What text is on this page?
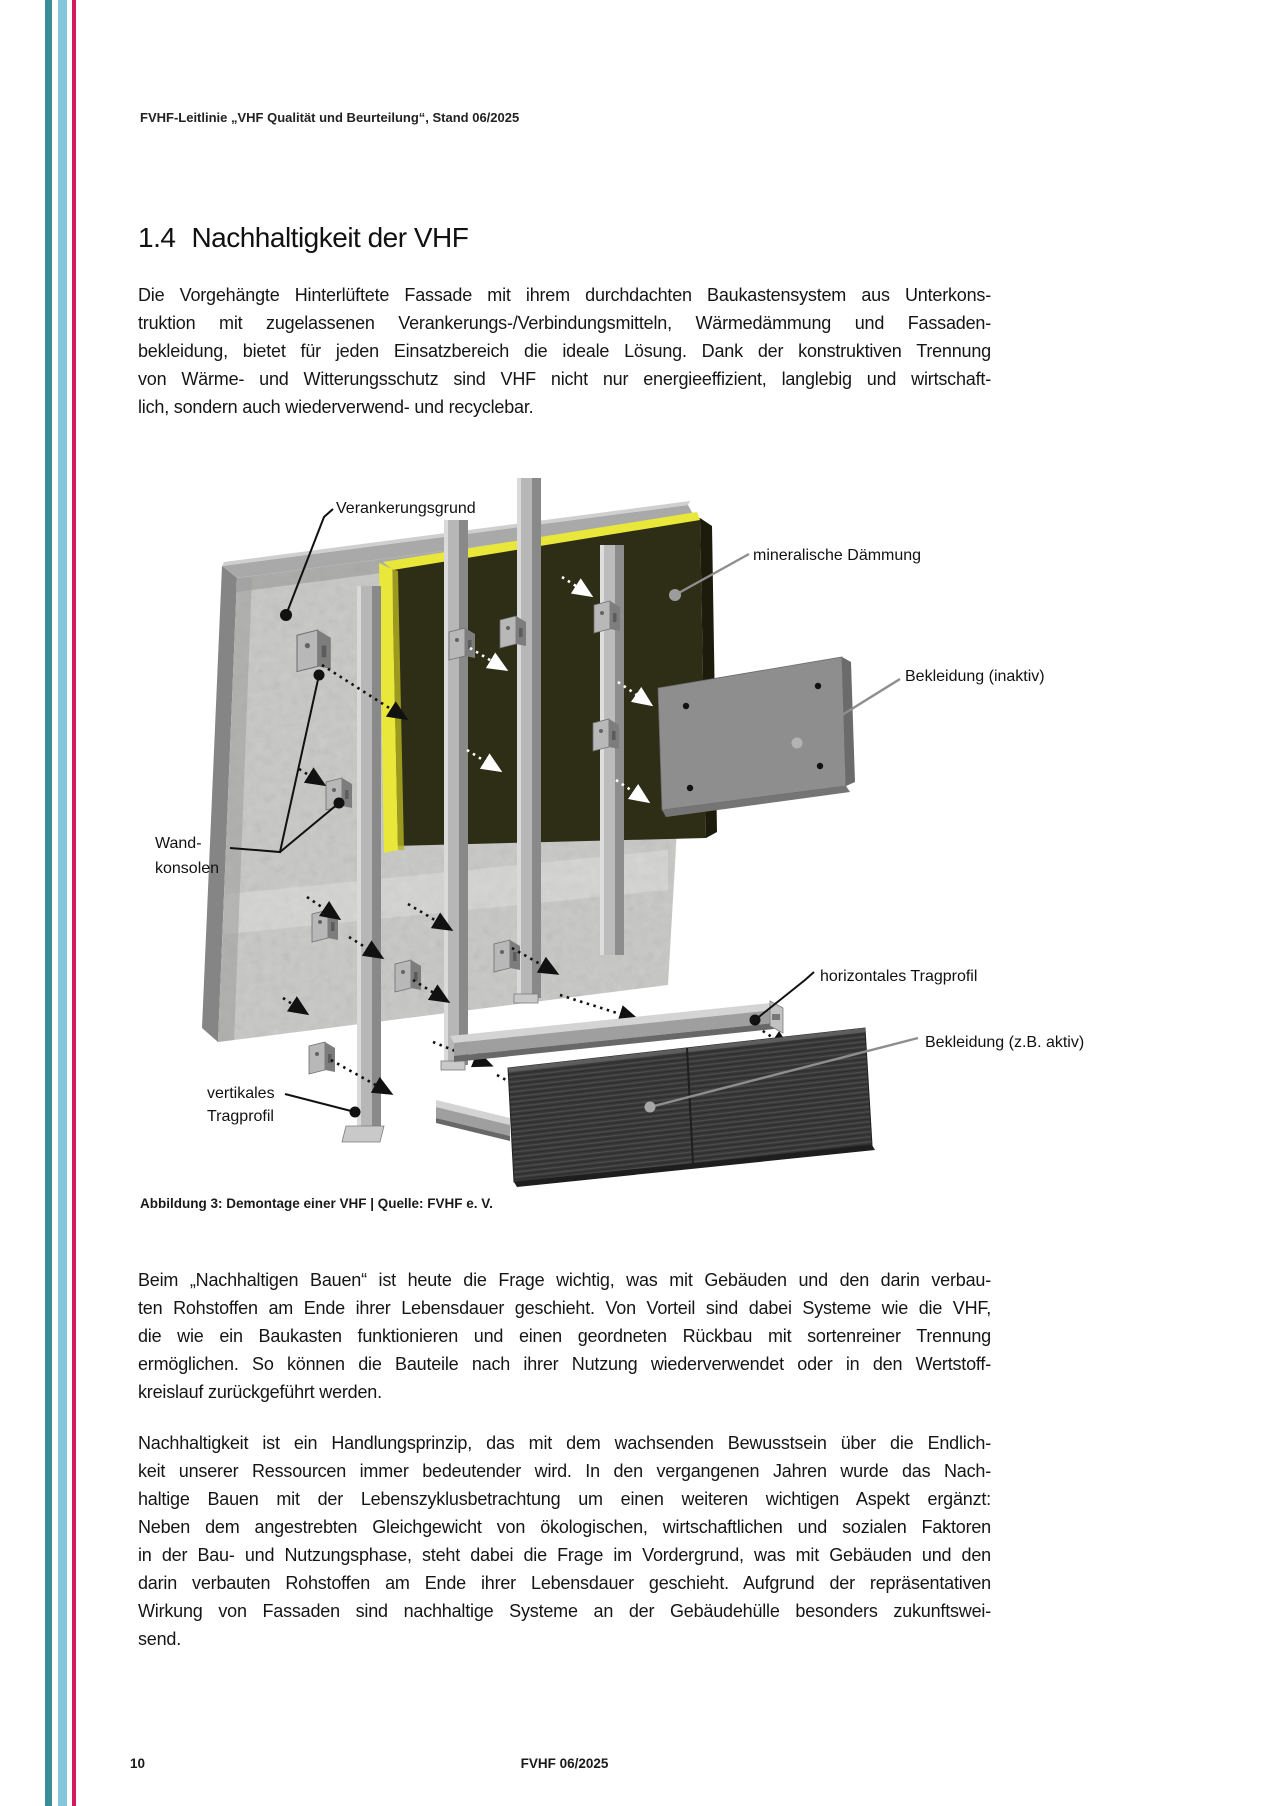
FVHF-Leitlinie „VHF Qualität und Beurteilung“, Stand 06/2025
1.4 Nachhaltigkeit der VHF
Die Vorgehängte Hinterlüftete Fassade mit ihrem durchdachten Baukastensystem aus Unterkons-
truktion mit zugelassenen Verankerungs-/Verbindungsmitteln, Wärmedämmung und Fassaden-
bekleidung, bietet für jeden Einsatzbereich die ideale Lösung. Dank der konstruktiven Trennung
von Wärme- und Witterungsschutz sind VHF nicht nur energieeffizient, langlebig und wirtschaft-
lich, sondern auch wiederverwend- und recyclebar.
Verankerungsgrund
mineralische Dämmung
Bekleidung (inaktiv)
Wand-
konsolen
horizontales Tragprofil
Bekleidung (z.B. aktiv)
vertikales
Tragprofil
Abbildung 3: Demontage einer VHF | Quelle: FVHF e. V.
Beim „Nachhaltigen Bauen“ ist heute die Frage wichtig, was mit Gebäuden und den darin verbau-
ten Rohstoffen am Ende ihrer Lebensdauer geschieht. Von Vorteil sind dabei Systeme wie die VHF,
die wie ein Baukasten funktionieren und einen geordneten Rückbau mit sortenreiner Trennung
ermöglichen. So können die Bauteile nach ihrer Nutzung wiederverwendet oder in den Wertstoff-
kreislauf zurückgeführt werden.
Nachhaltigkeit ist ein Handlungsprinzip, das mit dem wachsenden Bewusstsein über die Endlich-
keit unserer Ressourcen immer bedeutender wird. In den vergangenen Jahren wurde das Nach-
haltige Bauen mit der Lebenszyklusbetrachtung um einen weiteren wichtigen Aspekt ergänzt:
Neben dem angestrebten Gleichgewicht von ökologischen, wirtschaftlichen und sozialen Faktoren
in der Bau- und Nutzungsphase, steht dabei die Frage im Vordergrund, was mit Gebäuden und den
darin verbauten Rohstoffen am Ende ihrer Lebensdauer geschieht. Aufgrund der repräsentativen
Wirkung von Fassaden sind nachhaltige Systeme an der Gebäudehülle besonders zukunftswei-
send.
10	FVHF 06/2025
